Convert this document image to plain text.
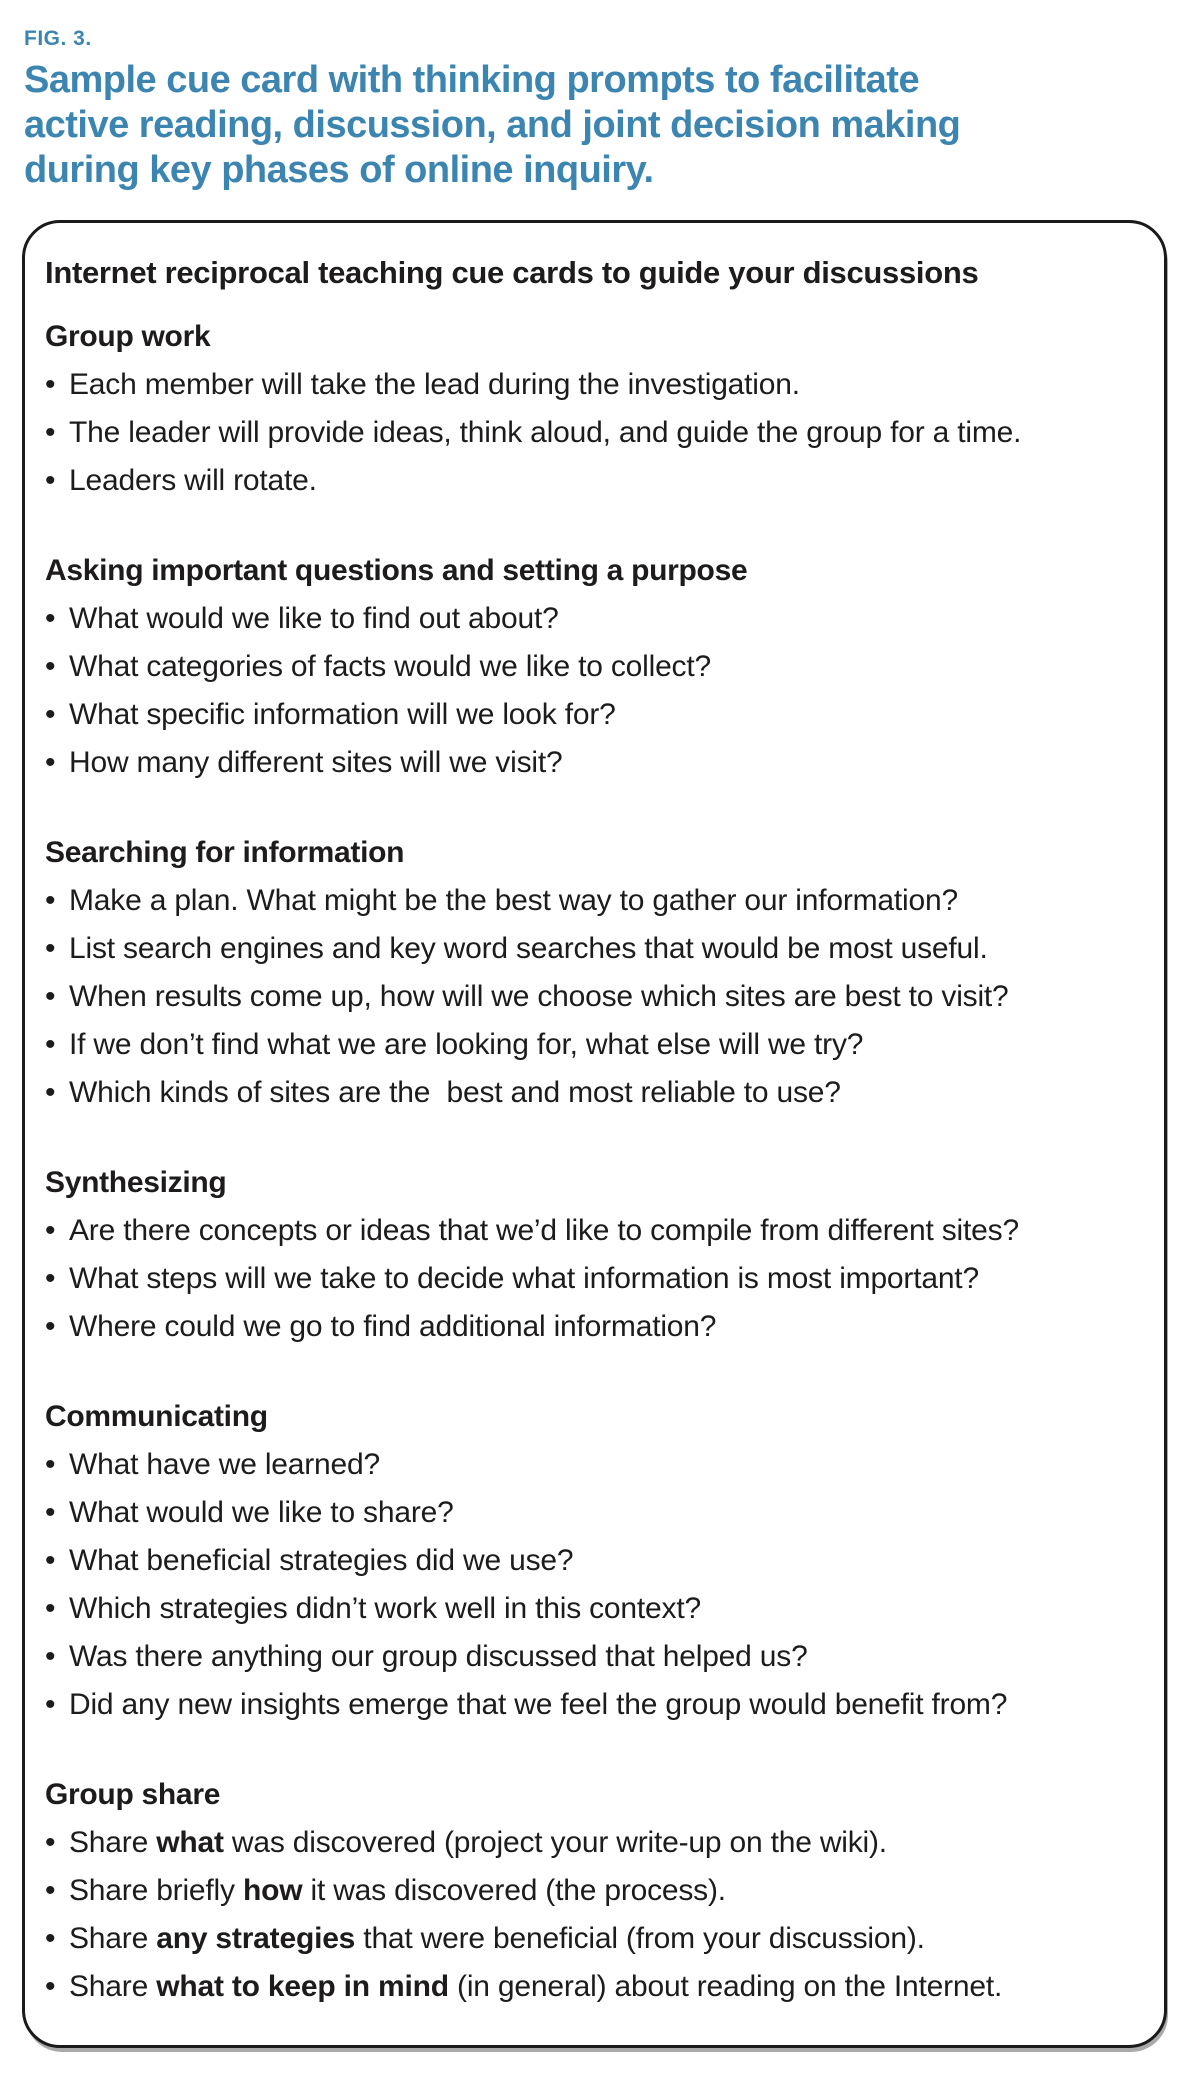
FIG. 3.
Sample cue card with thinking prompts to facilitate
active reading, discussion, and joint decision making
during key phases of online inquiry.
Internet reciprocal teaching cue cards to guide your discussions
Group work
• Each member will take the lead during the investigation.
• The leader will provide ideas, think aloud, and guide the group for a time.
• Leaders will rotate.
Asking important questions and setting a purpose
• What would we like to find out about?
• What categories of facts would we like to collect?
• What specific information will we look for?
• How many different sites will we visit?
Searching for information
• Make a plan. What might be the best way to gather our information?
• List search engines and key word searches that would be most useful.
• When results come up, how will we choose which sites are best to visit?
• If we don’t find what we are looking for, what else will we try?
• Which kinds of sites are the  best and most reliable to use?
Synthesizing
• Are there concepts or ideas that we’d like to compile from different sites?
• What steps will we take to decide what information is most important?
• Where could we go to find additional information?
Communicating
• What have we learned?
• What would we like to share?
• What beneficial strategies did we use?
• Which strategies didn’t work well in this context?
• Was there anything our group discussed that helped us?
• Did any new insights emerge that we feel the group would benefit from?
Group share
• Share what was discovered (project your write-up on the wiki).
• Share briefly how it was discovered (the process).
• Share any strategies that were beneficial (from your discussion).
• Share what to keep in mind (in general) about reading on the Internet.
